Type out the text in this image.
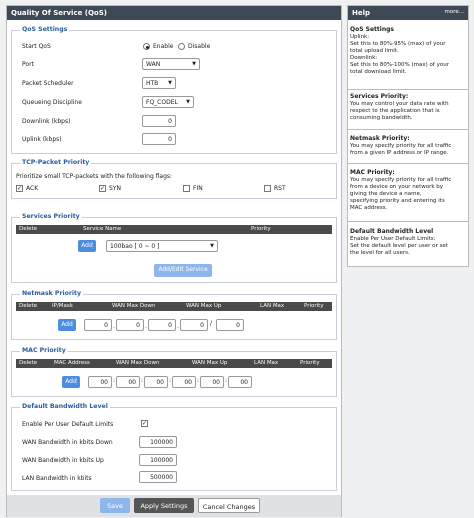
Quality Of Service (QoS)
QoS Settings
Start QoS	Enable Disable
Port	WAN	▼
Packet Scheduler	HTB ▼
Queueing Discipline	FQ_CODEL ▼
Downlink (kbps)	0
Uplink (kbps)	0
TCP-Packet Priority
Prioritize small TCP-packets with the following flags:
✓ ACK	✓ SYN	FIN	RST
Services Priority
Delete	Service Name	Priority
Add	100bao [ 0 ~ 0 ]	▼
Add/Edit Service
Netmask Priority
Delete	IP/Mask	WAN Max Down	WAN Max Up	LAN Max	Priority
Add	0 .	0 .	0 .	0	/	0
MAC Priority
Delete	MAC Address	WAN Max Down	WAN Max Up	LAN Max	Priority
Add	00 :	00 :	00 :	00 :	00 :	00
Default Bandwidth Level
Enable Per User Default Limits	✓
WAN Bandwidth in kbits Down	100000
WAN Bandwidth in kbits Up	100000
LAN Bandwidth in kbits	500000
Save	Apply Settings	Cancel Changes
Help	more...
QoS Settings
Uplink:
Set this to 80%-95% (max) of your
total upload limit.
Downlink:
Set this to 80%-100% (max) of your
total download limit.
Services Priority:
You may control your data rate with
respect to the application that is
consuming bandwidth.
Netmask Priority:
You may specify priority for all traffic
from a given IP address or IP range.
MAC Priority:
You may specify priority for all traffic
from a device on your network by
giving the device a name,
specifying priority and entering its
MAC address.
Default Bandwidth Level
Enable Per User Default Limits:
Set the default level per user or set
the level for all users.
